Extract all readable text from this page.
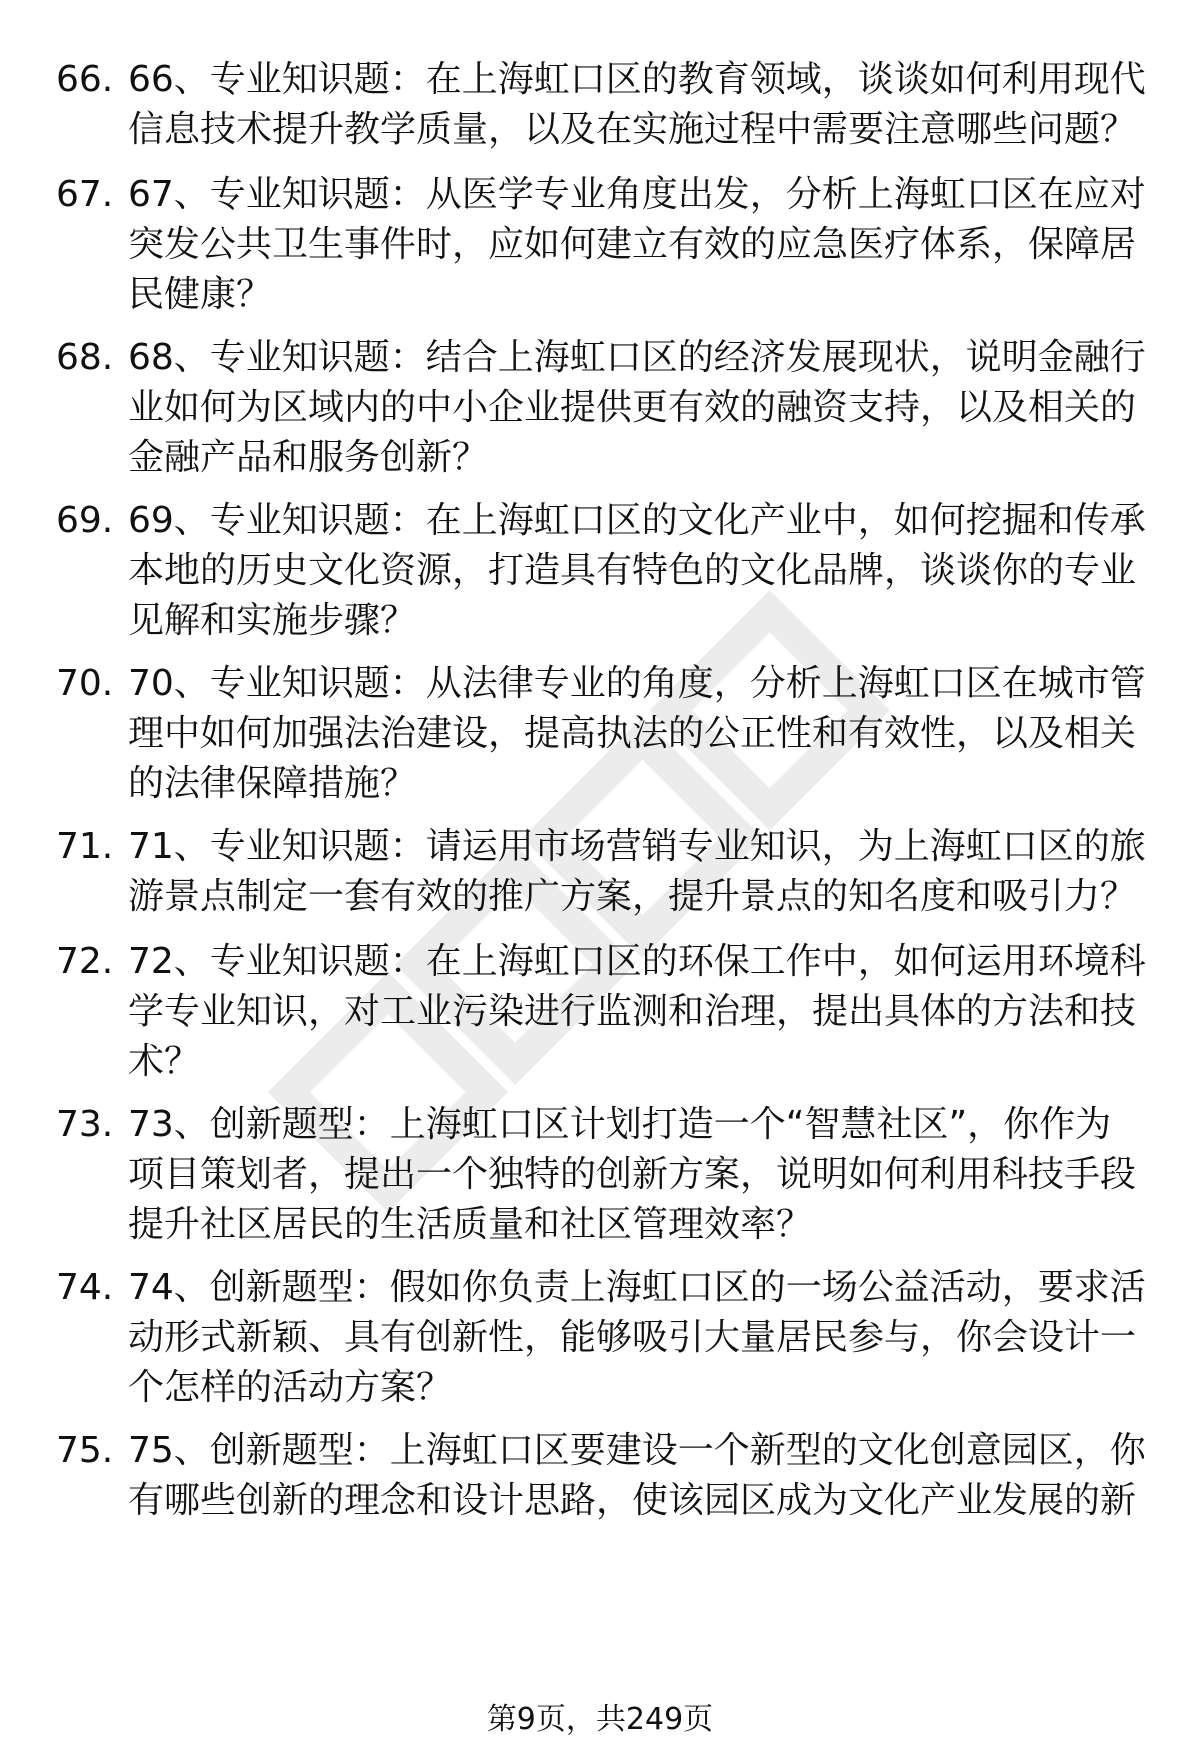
66. 66、专业知识题：在上海虹口区的教育领域，谈谈如何利用现代
信息技术提升教学质量，以及在实施过程中需要注意哪些问题？
67. 67、专业知识题：从医学专业角度出发，分析上海虹口区在应对
突发公共卫生事件时，应如何建立有效的应急医疗体系，保障居
民健康？
68. 68、专业知识题：结合上海虹口区的经济发展现状，说明金融行
业如何为区域内的中小企业提供更有效的融资支持，以及相关的
金融产品和服务创新？
69. 69、专业知识题：在上海虹口区的文化产业中，如何挖掘和传承
本地的历史文化资源，打造具有特色的文化品牌，谈谈你的专业
见解和实施步骤？
70. 70、专业知识题：从法律专业的角度，分析上海虹口区在城市管
理中如何加强法治建设，提高执法的公正性和有效性，以及相关
的法律保障措施？
71. 71、专业知识题：请运用市场营销专业知识，为上海虹口区的旅
游景点制定一套有效的推广方案，提升景点的知名度和吸引力？
72. 72、专业知识题：在上海虹口区的环保工作中，如何运用环境科
学专业知识，对工业污染进行监测和治理，提出具体的方法和技
术？
73. 73、创新题型：上海虹口区计划打造一个“智慧社区”，你作为
项目策划者，提出一个独特的创新方案，说明如何利用科技手段
提升社区居民的生活质量和社区管理效率？
74. 74、创新题型：假如你负责上海虹口区的一场公益活动，要求活
动形式新颖、具有创新性，能够吸引大量居民参与，你会设计一
个怎样的活动方案？
75. 75、创新题型：上海虹口区要建设一个新型的文化创意园区，你
有哪些创新的理念和设计思路，使该园区成为文化产业发展的新
第9页，共249页
